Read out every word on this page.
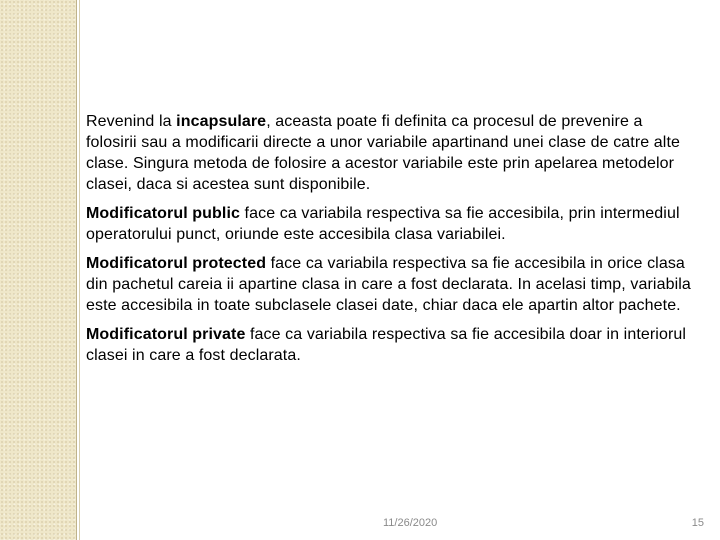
Revenind la incapsulare, aceasta poate fi definita ca procesul de prevenire a folosirii sau a modificarii directe a unor variabile apartinand unei clase de catre alte clase. Singura metoda de folosire a acestor variabile este prin apelarea metodelor clasei, daca si acestea sunt disponibile.

Modificatorul public face ca variabila respectiva sa fie accesibila, prin intermediul operatorului punct, oriunde este accesibila clasa variabilei.

Modificatorul protected face ca variabila respectiva sa fie accesibila in orice clasa din pachetul careia ii apartine clasa in care a fost declarata. In acelasi timp, variabila este accesibila in toate subclasele clasei date, chiar daca ele apartin altor pachete.

Modificatorul private face ca variabila respectiva sa fie accesibila doar in interiorul clasei in care a fost declarata.

11/26/2020	15
